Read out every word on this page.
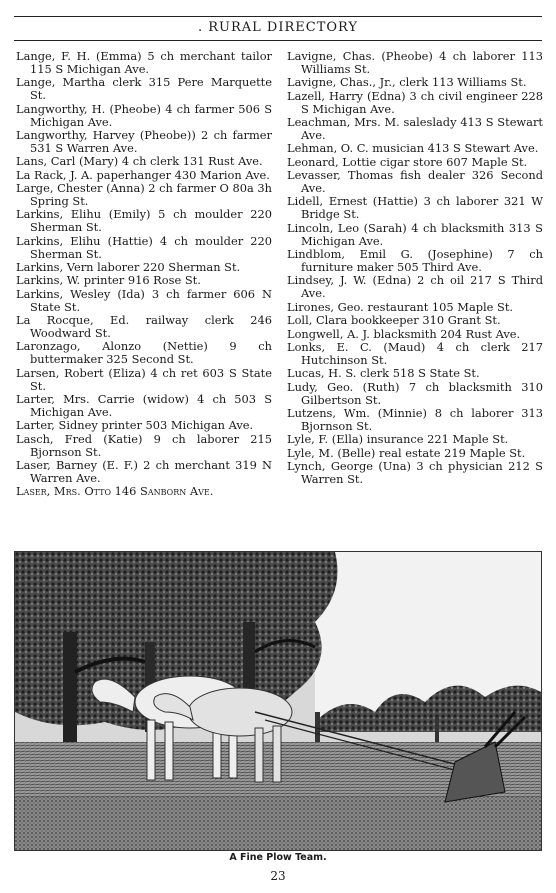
. RURAL DIRECTORY
Lange, F. H. (Emma) 5 ch merchant tailor 115 S Michigan Ave.
Lange, Martha clerk 315 Pere Marquette St.
Langworthy, H. (Pheobe) 4 ch farmer 506 S Michigan Ave.
Langworthy, Harvey (Pheobe)) 2 ch farmer 531 S Warren Ave.
Lans, Carl (Mary) 4 ch clerk 131 Rust Ave.
La Rack, J. A. paperhanger 430 Marion Ave.
Large, Chester (Anna) 2 ch farmer O 80a 3h Spring St.
Larkins, Elihu (Emily) 5 ch moulder 220 Sherman St.
Larkins, Elihu (Hattie) 4 ch moulder 220 Sherman St.
Larkins, Vern laborer 220 Sherman St.
Larkins, W. printer 916 Rose St.
Larkins, Wesley (Ida) 3 ch farmer 606 N State St.
La Rocque, Ed. railway clerk 246 Woodward St.
Laronzago, Alonzo (Nettie) 9 ch buttermaker 325 Second St.
Larsen, Robert (Eliza) 4 ch ret 603 S State St.
Larter, Mrs. Carrie (widow) 4 ch 503 S Michigan Ave.
Larter, Sidney printer 503 Michigan Ave.
Lasch, Fred (Katie) 9 ch laborer 215 Bjornson St.
Laser, Barney (E. F.) 2 ch merchant 319 N Warren Ave.
Laser, Mrs. Otto 146 Sanborn Ave.
Lavigne, Chas. (Pheobe) 4 ch laborer 113 Williams St.
Lavigne, Chas., Jr., clerk 113 Williams St.
Lazell, Harry (Edna) 3 ch civil engineer 228 S Michigan Ave.
Leachman, Mrs. M. saleslady 413 S Stewart Ave.
Lehman, O. C. musician 413 S Stewart Ave.
Leonard, Lottie cigar store 607 Maple St.
Levasser, Thomas fish dealer 326 Second Ave.
Lidell, Ernest (Hattie) 3 ch laborer 321 W Bridge St.
Lincoln, Leo (Sarah) 4 ch blacksmith 313 S Michigan Ave.
Lindblom, Emil G. (Josephine) 7 ch furniture maker 505 Third Ave.
Lindsey, J. W. (Edna) 2 ch oil 217 S Third Ave.
Lirones, Geo. restaurant 105 Maple St.
Loll, Clara bookkeeper 310 Grant St.
Longwell, A. J. blacksmith 204 Rust Ave.
Lonks, E. C. (Maud) 4 ch clerk 217 Hutchinson St.
Lucas, H. S. clerk 518 S State St.
Ludy, Geo. (Ruth) 7 ch blacksmith 310 Gilbertson St.
Lutzens, Wm. (Minnie) 8 ch laborer 313 Bjornson St.
Lyle, F. (Ella) insurance 221 Maple St.
Lyle, M. (Belle) real estate 219 Maple St.
Lynch, George (Una) 3 ch physician 212 S Warren St.
A Fine Plow Team.
23
